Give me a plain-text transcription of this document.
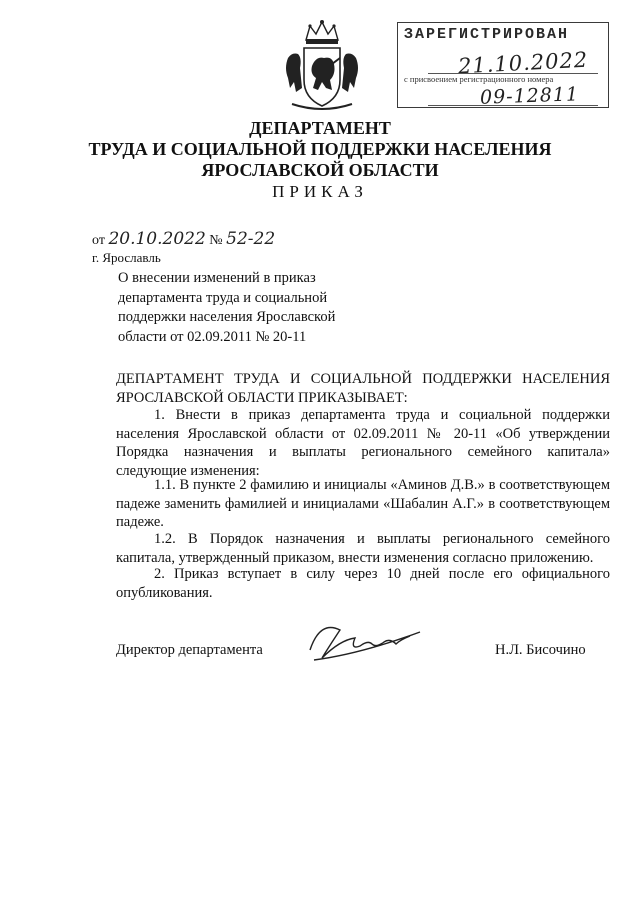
ЗАРЕГИСТРИРОВАН
21.10.2022
с присвоением регистрационного номера
09-12811
ДЕПАРТАМЕНТ
ТРУДА И СОЦИАЛЬНОЙ ПОДДЕРЖКИ НАСЕЛЕНИЯ
ЯРОСЛАВСКОЙ ОБЛАСТИ
ПРИКАЗ
от 20.10.2022 № 52-22
г. Ярославль
О внесении изменений в приказ
департамента труда и социальной
поддержки населения Ярославской
области от 02.09.2011 № 20-11
ДЕПАРТАМЕНТ ТРУДА И СОЦИАЛЬНОЙ ПОДДЕРЖКИ НАСЕЛЕНИЯ ЯРОСЛАВСКОЙ ОБЛАСТИ ПРИКАЗЫВАЕТ:
1. Внести в приказ департамента труда и социальной поддержки населения Ярославской области от 02.09.2011 № 20-11 «Об утверждении Порядка назначения и выплаты регионального семейного капитала» следующие изменения:
1.1. В пункте 2 фамилию и инициалы «Аминов Д.В.» в соответствующем падеже заменить фамилией и инициалами «Шабалин А.Г.» в соответствующем падеже.
1.2. В Порядок назначения и выплаты регионального семейного капитала, утвержденный приказом, внести изменения согласно приложению.
2. Приказ вступает в силу через 10 дней после его официального опубликования.
Директор департамента	Н.Л. Бисочино
